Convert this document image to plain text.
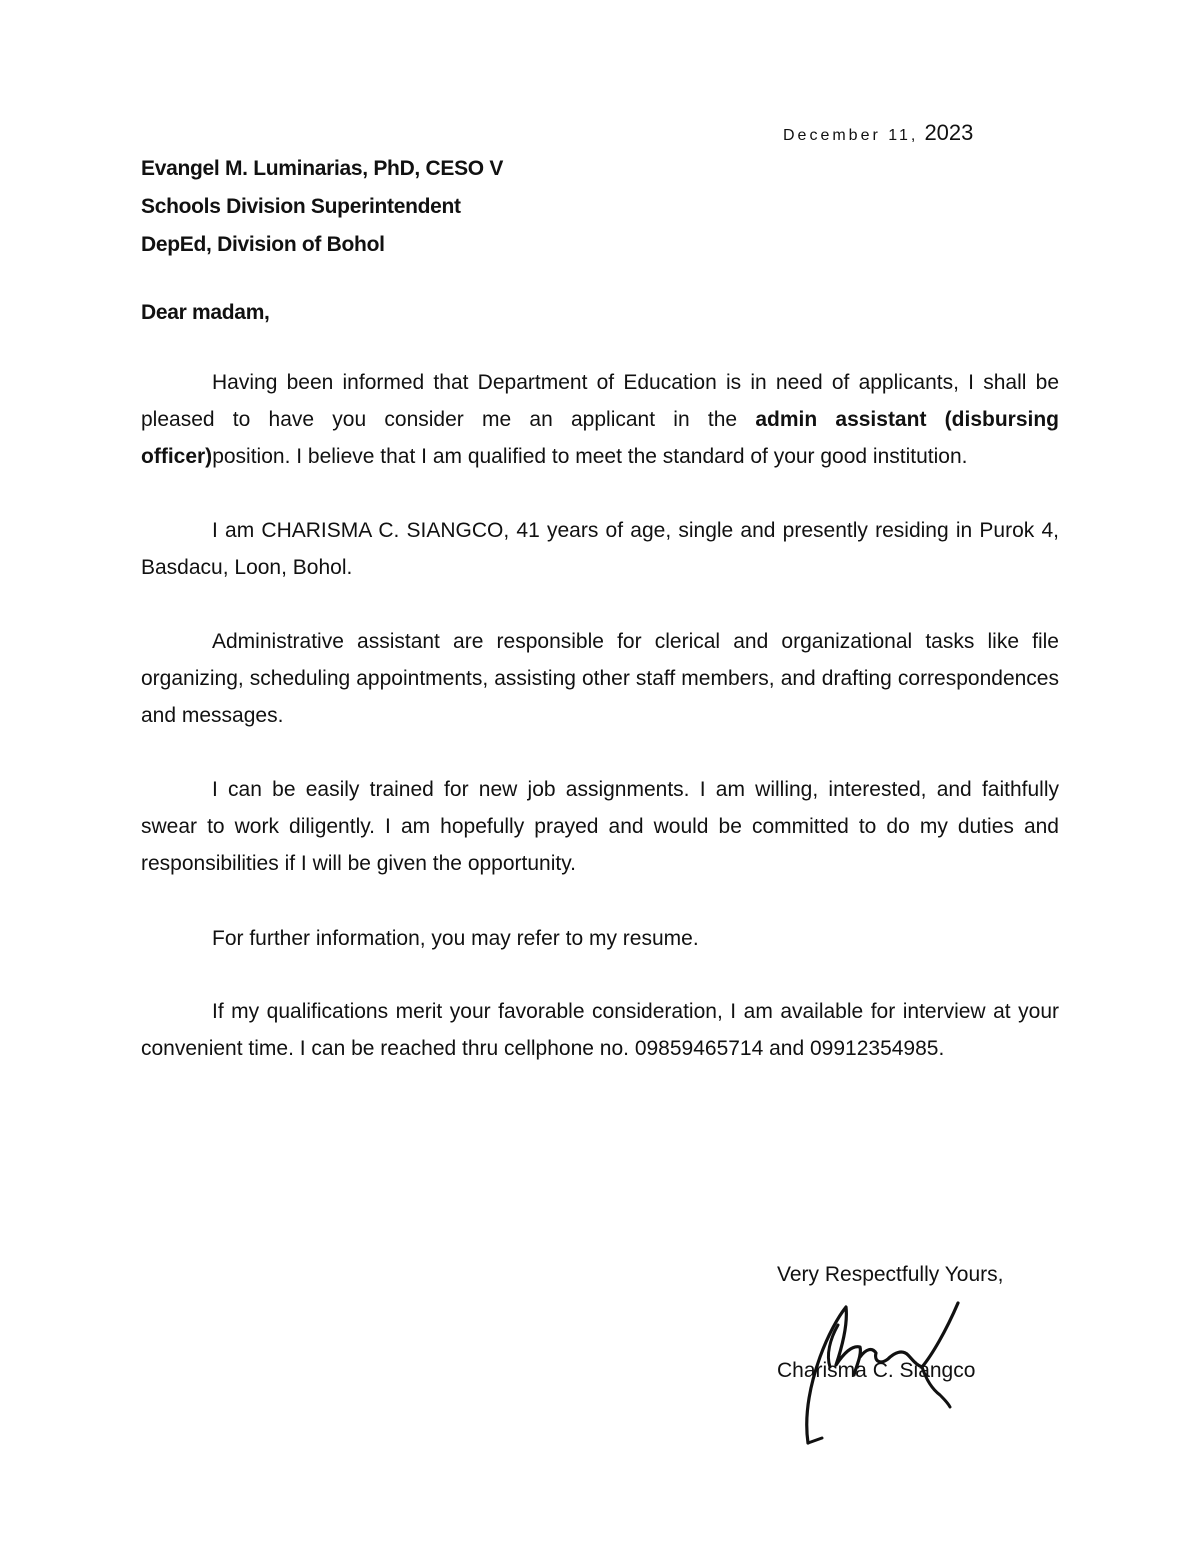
December 11, 2023
Evangel M. Luminarias, PhD, CESO V
Schools Division Superintendent
DepEd, Division of Bohol
Dear madam,

Having been informed that Department of Education is in need of applicants, I shall be pleased to have you consider me an applicant in the admin assistant (disbursing officer)position. I believe that I am qualified to meet the standard of your good institution.

I am CHARISMA C. SIANGCO, 41 years of age, single and presently residing in Purok 4, Basdacu, Loon, Bohol.

Administrative assistant are responsible for clerical and organizational tasks like file organizing, scheduling appointments, assisting other staff members, and drafting correspondences and messages.

I can be easily trained for new job assignments. I am willing, interested, and faithfully swear to work diligently. I am hopefully prayed and would be committed to do my duties and responsibilities if I will be given the opportunity.

For further information, you may refer to my resume.

If my qualifications merit your favorable consideration, I am available for interview at your convenient time. I can be reached thru cellphone no. 09859465714 and 09912354985.

Very Respectfully Yours,
Charisma C. Siangco
